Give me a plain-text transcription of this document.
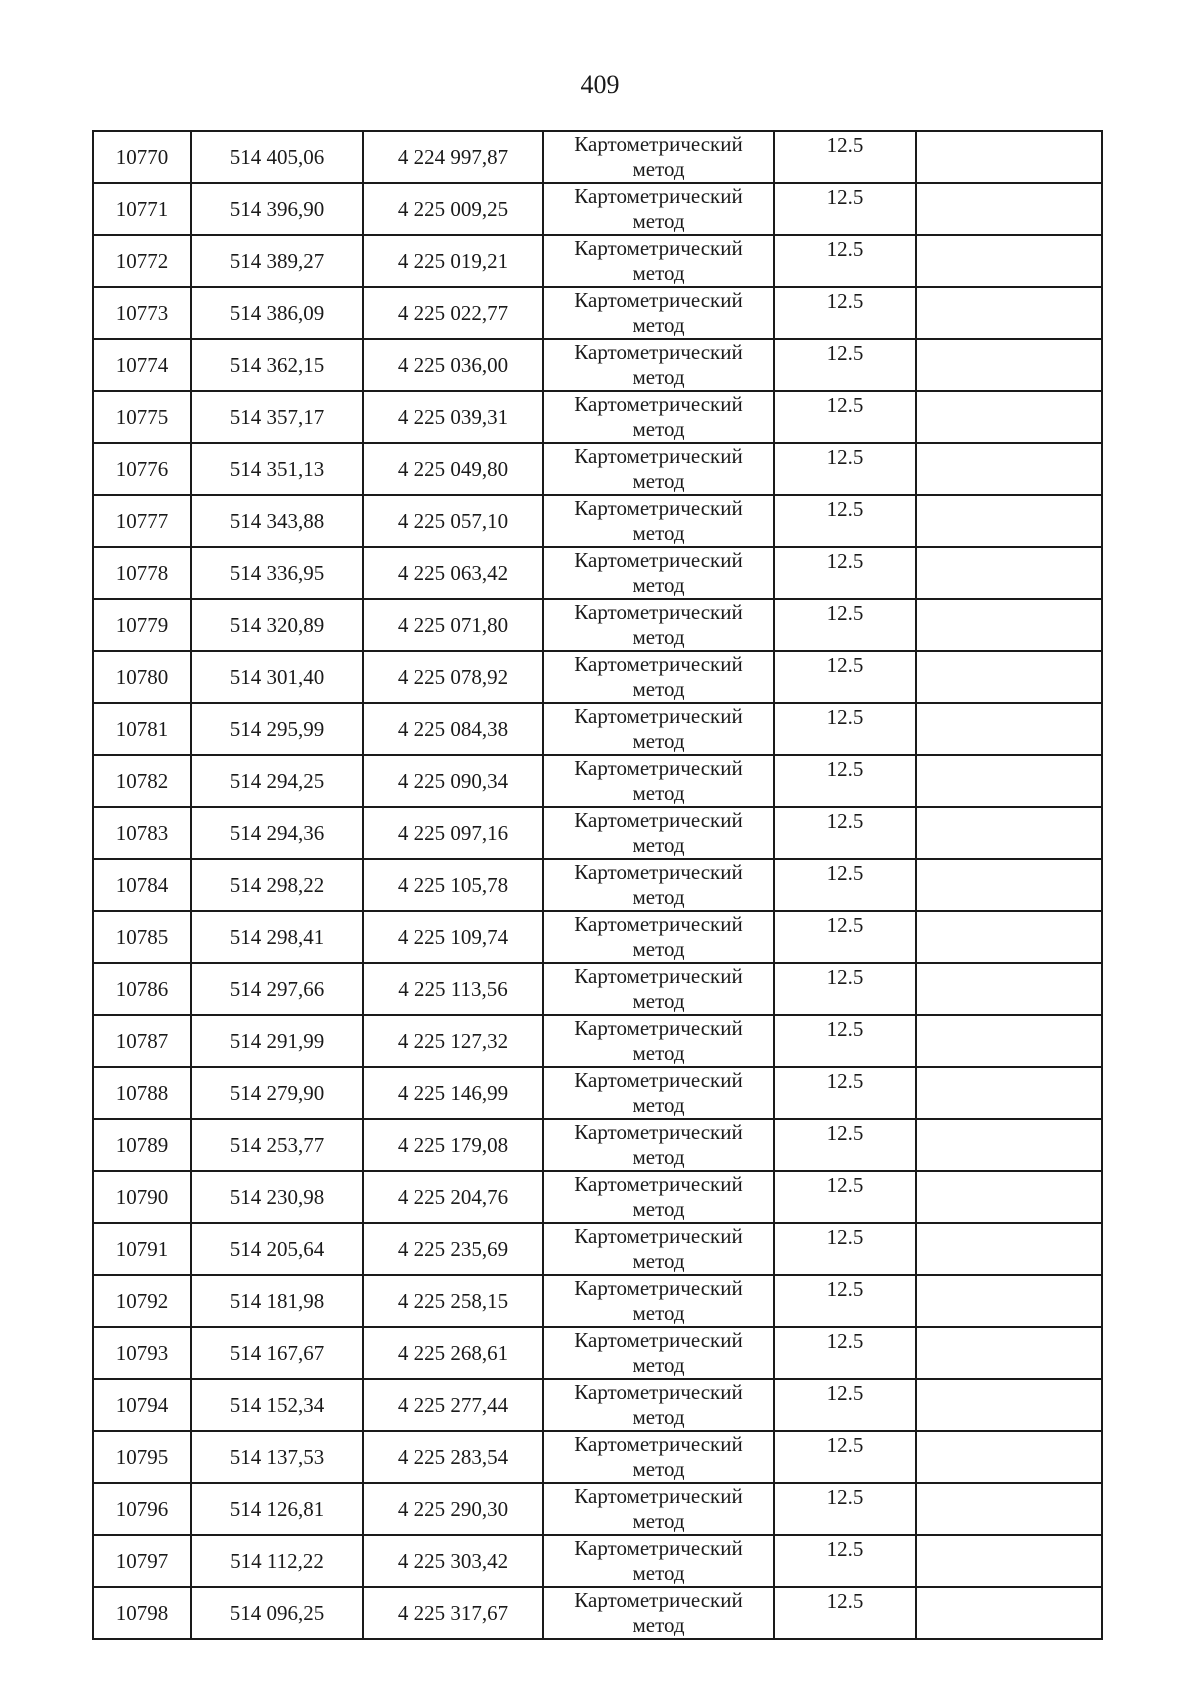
409
10770	514 405,06	4 224 997,87	Картометрический
метод	12.5	
10771	514 396,90	4 225 009,25	Картометрический
метод	12.5	
10772	514 389,27	4 225 019,21	Картометрический
метод	12.5	
10773	514 386,09	4 225 022,77	Картометрический
метод	12.5	
10774	514 362,15	4 225 036,00	Картометрический
метод	12.5	
10775	514 357,17	4 225 039,31	Картометрический
метод	12.5	
10776	514 351,13	4 225 049,80	Картометрический
метод	12.5	
10777	514 343,88	4 225 057,10	Картометрический
метод	12.5	
10778	514 336,95	4 225 063,42	Картометрический
метод	12.5	
10779	514 320,89	4 225 071,80	Картометрический
метод	12.5	
10780	514 301,40	4 225 078,92	Картометрический
метод	12.5	
10781	514 295,99	4 225 084,38	Картометрический
метод	12.5	
10782	514 294,25	4 225 090,34	Картометрический
метод	12.5	
10783	514 294,36	4 225 097,16	Картометрический
метод	12.5	
10784	514 298,22	4 225 105,78	Картометрический
метод	12.5	
10785	514 298,41	4 225 109,74	Картометрический
метод	12.5	
10786	514 297,66	4 225 113,56	Картометрический
метод	12.5	
10787	514 291,99	4 225 127,32	Картометрический
метод	12.5	
10788	514 279,90	4 225 146,99	Картометрический
метод	12.5	
10789	514 253,77	4 225 179,08	Картометрический
метод	12.5	
10790	514 230,98	4 225 204,76	Картометрический
метод	12.5	
10791	514 205,64	4 225 235,69	Картометрический
метод	12.5	
10792	514 181,98	4 225 258,15	Картометрический
метод	12.5	
10793	514 167,67	4 225 268,61	Картометрический
метод	12.5	
10794	514 152,34	4 225 277,44	Картометрический
метод	12.5	
10795	514 137,53	4 225 283,54	Картометрический
метод	12.5	
10796	514 126,81	4 225 290,30	Картометрический
метод	12.5	
10797	514 112,22	4 225 303,42	Картометрический
метод	12.5	
10798	514 096,25	4 225 317,67	Картометрический
метод	12.5	
